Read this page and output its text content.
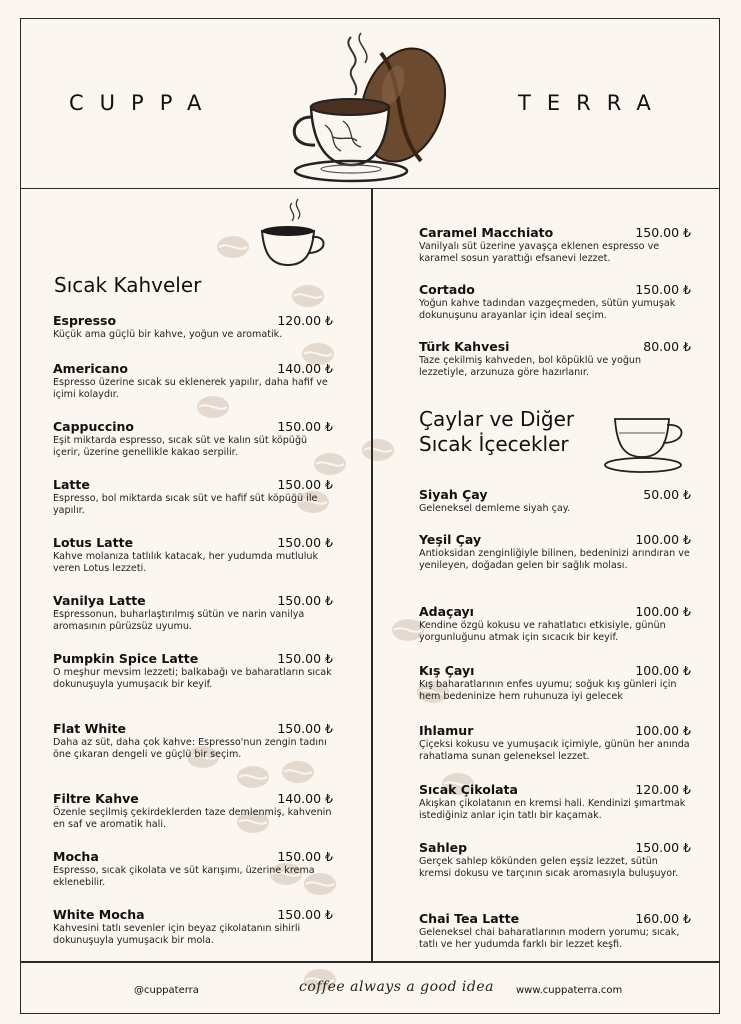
CUPPA	TERRA
Sıcak Kahveler
Espresso	120.00 ₺
Küçük ama güçlü bir kahve, yoğun ve aromatik.
Americano	140.00 ₺
Espresso üzerine sıcak su eklenerek yapılır, daha hafif ve içimi kolaydır.
Cappuccino	150.00 ₺
Eşit miktarda espresso, sıcak süt ve kalın süt köpüğü içerir, üzerine genellikle kakao serpilir.
Latte	150.00 ₺
Espresso, bol miktarda sıcak süt ve hafif süt köpüğü ile yapılır.
Lotus Latte	150.00 ₺
Kahve molanıza tatlılık katacak, her yudumda mutluluk veren Lotus lezzeti.
Vanilya Latte	150.00 ₺
Espressonun, buharlaştırılmış sütün ve narin vanilya aromasının pürüzsüz uyumu.
Pumpkin Spice Latte	150.00 ₺
O meşhur mevsim lezzeti; balkabağı ve baharatların sıcak dokunuşuyla yumuşacık bir keyif.
Flat White	150.00 ₺
Daha az süt, daha çok kahve: Espresso'nun zengin tadını öne çıkaran dengeli ve güçlü bir seçim.
Filtre Kahve	140.00 ₺
Özenle seçilmiş çekirdeklerden taze demlenmiş, kahvenin en saf ve aromatik hali.
Mocha	150.00 ₺
Espresso, sıcak çikolata ve süt karışımı, üzerine krema eklenebilir.
White Mocha	150.00 ₺
Kahvesini tatlı sevenler için beyaz çikolatanın sihirli dokunuşuyla yumuşacık bir mola.
Caramel Macchiato	150.00 ₺
Vanilyalı süt üzerine yavaşça eklenen espresso ve karamel sosun yarattığı efsanevi lezzet.
Cortado	150.00 ₺
Yoğun kahve tadından vazgeçmeden, sütün yumuşak dokunuşunu arayanlar için ideal seçim.
Türk Kahvesi	80.00 ₺
Taze çekilmiş kahveden, bol köpüklü ve yoğun lezzetiyle, arzunuza göre hazırlanır.
Çaylar ve Diğer
Sıcak İçecekler
Siyah Çay	50.00 ₺
Geleneksel demleme siyah çay.
Yeşil Çay	100.00 ₺
Antioksidan zenginliğiyle bilinen, bedeninizi arındıran ve yenileyen, doğadan gelen bir sağlık molası.
Adaçayı	100.00 ₺
Kendine özgü kokusu ve rahatlatıcı etkisiyle, günün yorgunluğunu atmak için sıcacık bir keyif.
Kış Çayı	100.00 ₺
Kış baharatlarının enfes uyumu; soğuk kış günleri için hem bedeninize hem ruhunuza iyi gelecek
Ihlamur	100.00 ₺
Çiçeksi kokusu ve yumuşacık içimiyle, günün her anında rahatlama sunan geleneksel lezzet.
Sıcak Çikolata	120.00 ₺
Akışkan çikolatanın en kremsi hali. Kendinizi şımartmak istediğiniz anlar için tatlı bir kaçamak.
Sahlep	150.00 ₺
Gerçek sahlep kökünden gelen eşsiz lezzet, sütün kremsi dokusu ve tarçının sıcak aromasıyla buluşuyor.
Chai Tea Latte	160.00 ₺
Geleneksel chai baharatlarının modern yorumu; sıcak, tatlı ve her yudumda farklı bir lezzet keşfi.
@cuppaterra	coffee always a good idea www.cuppaterra.com
